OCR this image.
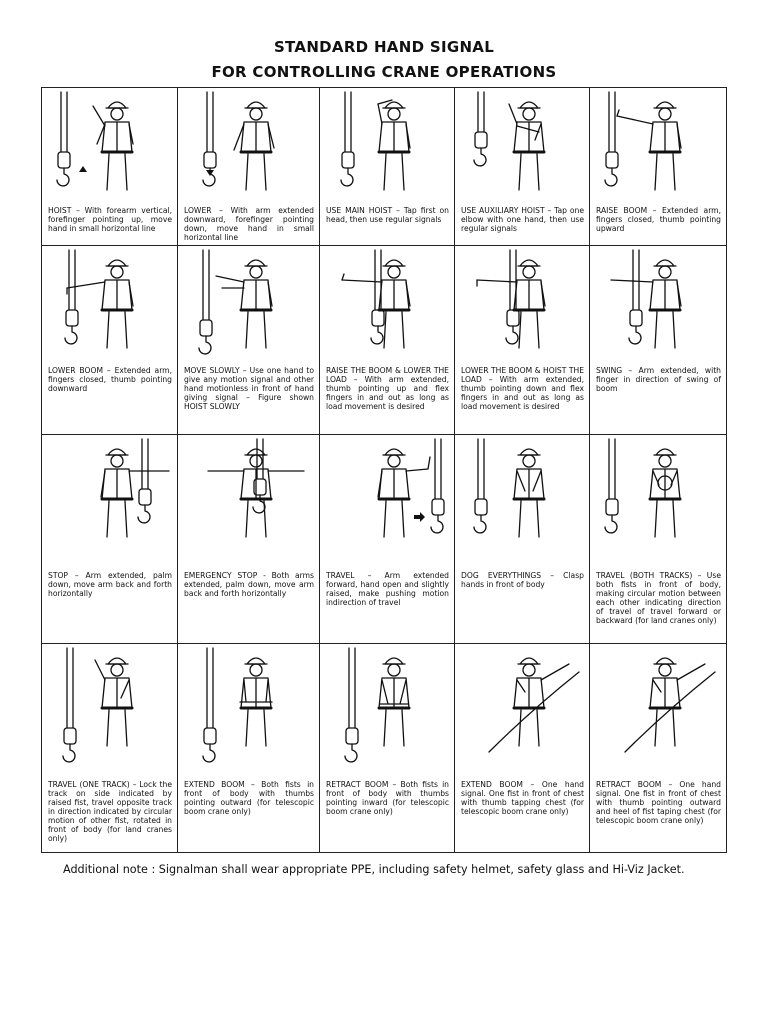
STANDARD HAND SIGNAL
FOR CONTROLLING CRANE OPERATIONS
HOIST – With forearm vertical, forefinger pointing up, move hand in small horizontal line
LOWER – With arm extended downward, forefinger pointing down, move hand in small horizontal line
USE MAIN HOIST – Tap first on head, then use regular signals
USE AUXILIARY HOIST – Tap one elbow with one hand, then use regular signals
RAISE BOOM – Extended arm, fingers closed, thumb pointing upward
LOWER BOOM – Extended arm, fingers closed, thumb pointing downward
MOVE SLOWLY – Use one hand to give any motion signal and other hand motionless in front of hand giving signal – Figure shown HOIST SLOWLY
RAISE THE BOOM & LOWER THE LOAD – With arm extended, thumb pointing up and flex fingers in and out as long as load movement is desired
LOWER THE BOOM & HOIST THE LOAD – With arm extended, thumb pointing down and flex fingers in and out as long as load movement is desired
SWING – Arm extended, with finger in direction of swing of boom
STOP – Arm extended, palm down, move arm back and forth horizontally
EMERGENCY STOP - Both arms extended, palm down, move arm back and forth horizontally
TRAVEL – Arm extended forward, hand open and slightly raised, make pushing motion indirection of travel
DOG EVERYTHINGS – Clasp hands in front of body
TRAVEL (BOTH TRACKS) – Use both fists in front of body, making circular motion between each other indicating direction of travel of travel forward or backward (for land cranes only)
TRAVEL (ONE TRACK) – Lock the track on side indicated by raised fist, travel opposite track in direction indicated by circular motion of other fist, rotated in front of body (for land cranes only)
EXTEND BOOM – Both fists in front of body with thumbs pointing outward (for telescopic boom crane only)
RETRACT BOOM – Both fists in front of body with thumbs pointing inward (for telescopic boom crane only)
EXTEND BOOM – One hand signal. One fist in front of chest with thumb tapping chest (for telescopic boom crane only)
RETRACT BOOM – One hand signal. One fist in front of chest with thumb pointing outward and heel of fist taping chest (for telescopic boom crane only)
Additional note : Signalman shall wear appropriate PPE, including safety helmet, safety glass and Hi-Viz Jacket.
